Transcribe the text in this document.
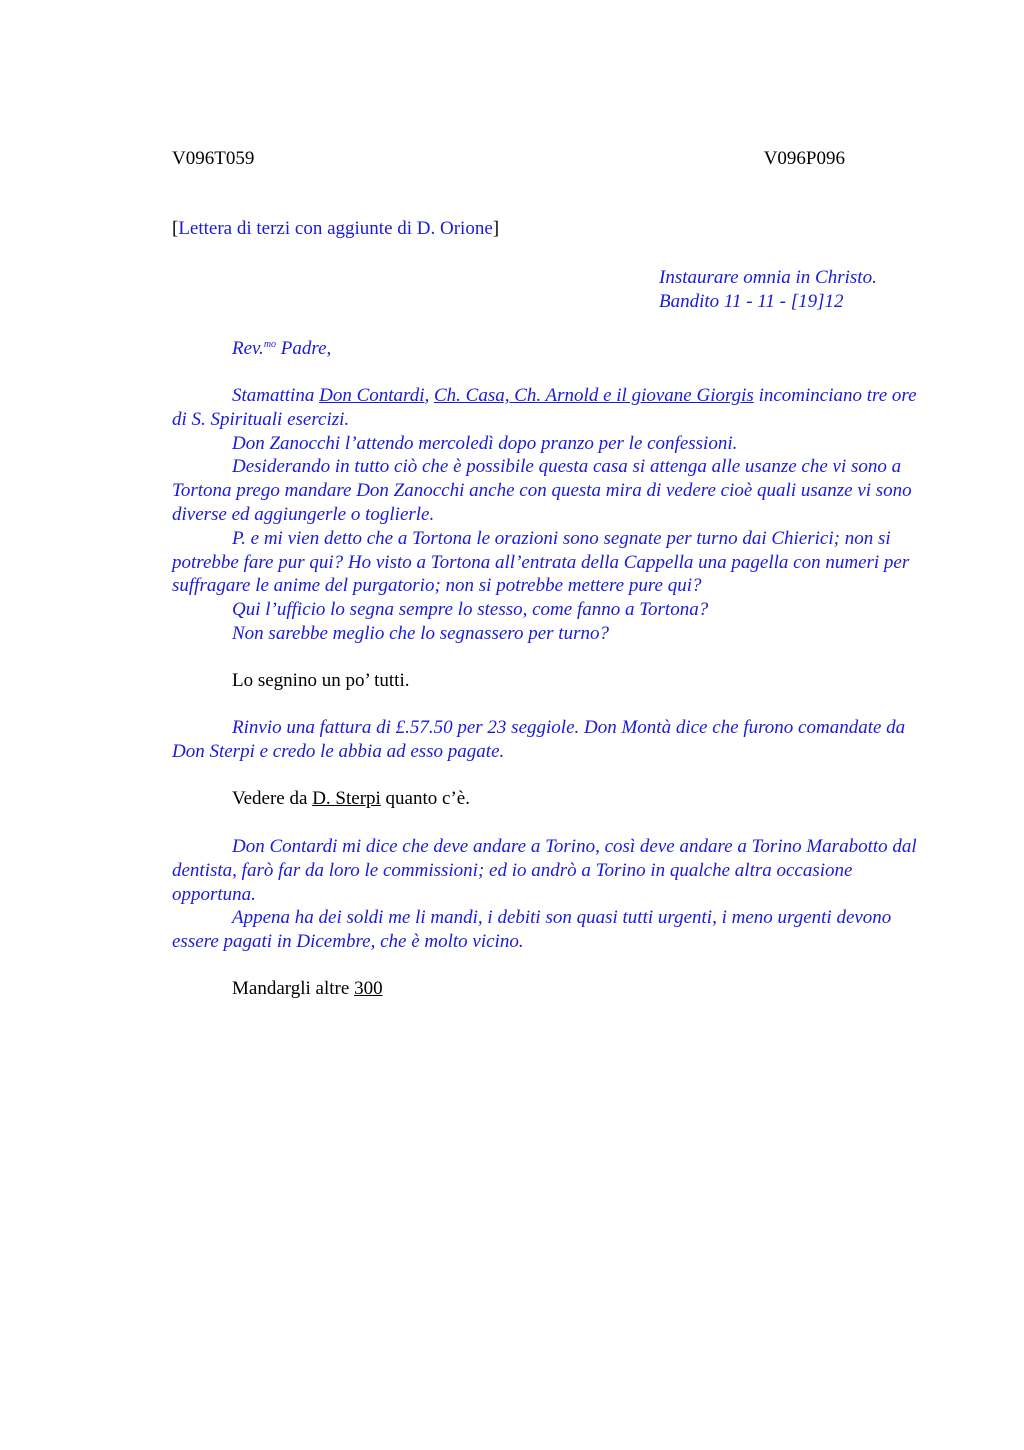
V096T059	V096P096
[Lettera di terzi con aggiunte di D. Orione]
Instaurare omnia in Christo.
Bandito 11 - 11 - [19]12
Rev.$^{mo}$ Padre,

Stamattina Don Contardi, Ch. Casa, Ch. Arnold e il giovane Giorgis incominciano tre ore di S. Spirituali esercizi.

Don Zanocchi l’attendo mercoledì dopo pranzo per le confessioni.

Desiderando in tutto ciò che è possibile questa casa si attenga alle usanze che vi sono a Tortona prego mandare Don Zanocchi anche con questa mira di vedere cioè quali usanze vi sono diverse ed aggiungerle o toglierle.

P. e mi vien detto che a Tortona le orazioni sono segnate per turno dai Chierici; non si potrebbe fare pur qui? Ho visto a Tortona all’entrata della Cappella una pagella con numeri per suffragare le anime del purgatorio; non si potrebbe mettere pure qui?

Qui l’ufficio lo segna sempre lo stesso, come fanno a Tortona?

Non sarebbe meglio che lo segnassero per turno?

Lo segnino un po’ tutti.

Rinvio una fattura di £.57.50 per 23 seggiole. Don Montà dice che furono comandate da Don Sterpi e credo le abbia ad esso pagate.

Vedere da D. Sterpi quanto c’è.

Don Contardi mi dice che deve andare a Torino, così deve andare a Torino Marabotto dal dentista, farò far da loro le commissioni; ed io andrò a Torino in qualche altra occasione opportuna.

Appena ha dei soldi me li mandi, i debiti son quasi tutti urgenti, i meno urgenti devono essere pagati in Dicembre, che è molto vicino.

Mandargli altre 300
